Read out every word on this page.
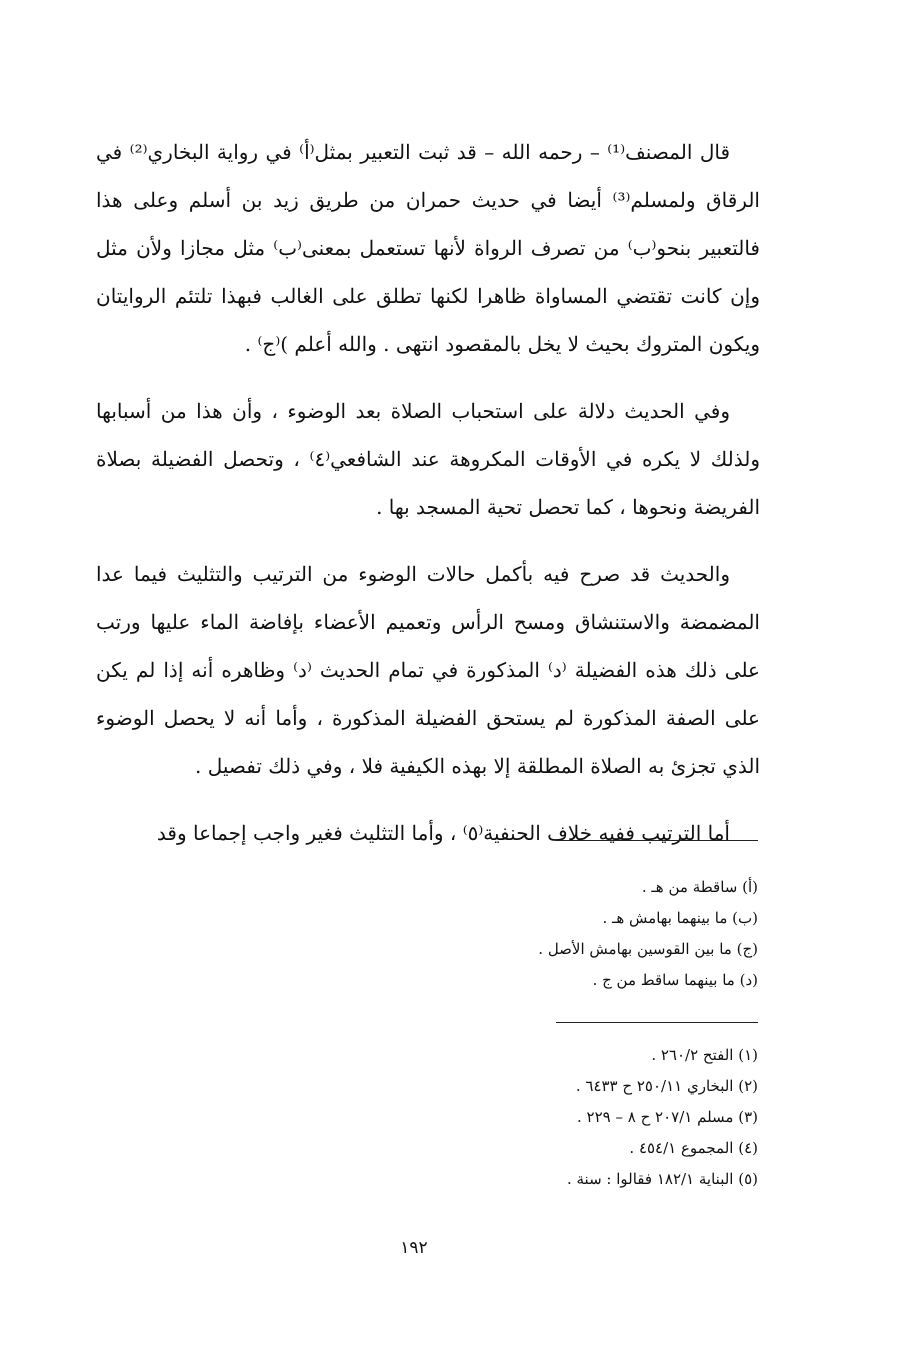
قال المصنف⁽¹⁾ – رحمه الله – قد ثبت التعبير بمثل⁽أ⁾ في رواية البخاري⁽²⁾ في الرقاق ولمسلم⁽³⁾ أيضا في حديث حمران من طريق زيد بن أسلم وعلى هذا فالتعبير بنحو⁽ب⁾ من تصرف الرواة لأنها تستعمل بمعنى⁽ب⁾ مثل مجازا ولأن مثل وإن كانت تقتضي المساواة ظاهرا لكنها تطلق على الغالب فبهذا تلتئم الروايتان ويكون المتروك بحيث لا يخل بالمقصود انتهى . والله أعلم )⁽ج⁾ .

وفي الحديث دلالة على استحباب الصلاة بعد الوضوء ، وأن هذا من أسبابها ولذلك لا يكره في الأوقات المكروهة عند الشافعي⁽٤⁾ ، وتحصل الفضيلة بصلاة الفريضة ونحوها ، كما تحصل تحية المسجد بها .

والحديث قد صرح فيه بأكمل حالات الوضوء من الترتيب والتثليث فيما عدا المضمضة والاستنشاق ومسح الرأس وتعميم الأعضاء بإفاضة الماء عليها ورتب على ذلك هذه الفضيلة ⁽د⁾ المذكورة في تمام الحديث ⁽د⁾ وظاهره أنه إذا لم يكن على الصفة المذكورة لم يستحق الفضيلة المذكورة ، وأما أنه لا يحصل الوضوء الذي تجزئ به الصلاة المطلقة إلا بهذه الكيفية فلا ، وفي ذلك تفصيل .

أما الترتيب ففيه خلاف الحنفية⁽٥⁾ ، وأما التثليث فغير واجب إجماعا وقد

(أ) ساقطة من هـ .
(ب) ما بينهما بهامش هـ .
(ج) ما بين القوسين بهامش الأصل .
(د) ما بينهما ساقط من ج .
(١) الفتح ٢٦٠/٢ .
(٢) البخاري ٢٥٠/١١ ح ٦٤٣٣ .
(٣) مسلم ٢٠٧/١ ح ٨ – ٢٢٩ .
(٤) المجموع ٤٥٤/١ .
(٥) البناية ١٨٢/١ فقالوا : سنة .
١٩٢
